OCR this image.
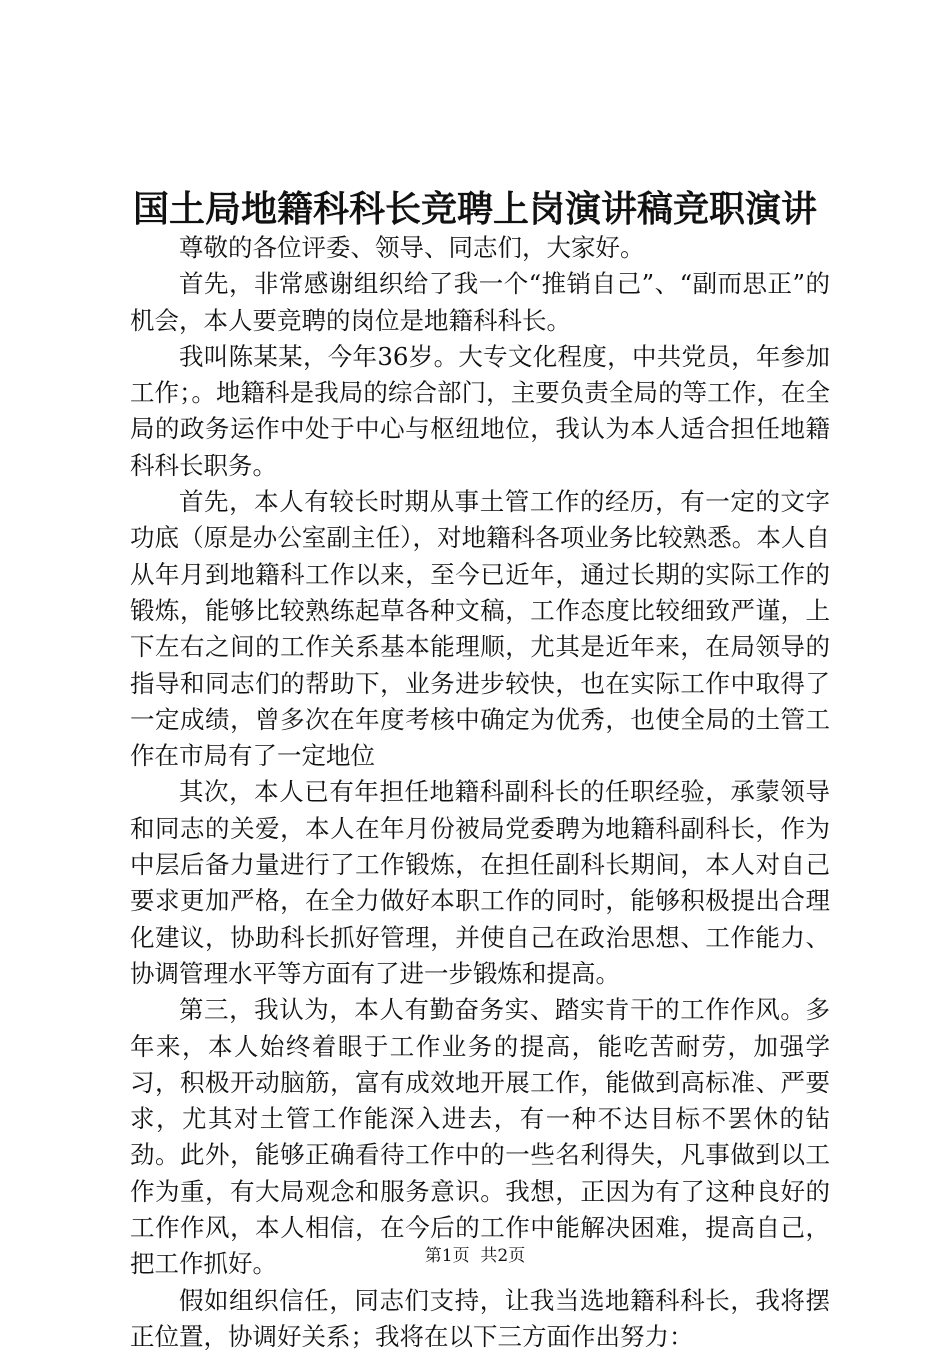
国土局地籍科科长竞聘上岗演讲稿竞职演讲

尊敬的各位评委、领导、同志们，大家好。

首先，非常感谢组织给了我一个“推销自己”、“副而思正”的机会，本人要竞聘的岗位是地籍科科长。

我叫陈某某，今年36岁。大专文化程度，中共党员，年参加工作；。地籍科是我局的综合部门，主要负责全局的等工作，在全局的政务运作中处于中心与枢纽地位，我认为本人适合担任地籍科科长职务。

首先，本人有较长时期从事土管工作的经历，有一定的文字功底（原是办公室副主任），对地籍科各项业务比较熟悉。本人自从年月到地籍科工作以来，至今已近年，通过长期的实际工作的锻炼，能够比较熟练起草各种文稿，工作态度比较细致严谨，上下左右之间的工作关系基本能理顺，尤其是近年来，在局领导的指导和同志们的帮助下，业务进步较快，也在实际工作中取得了一定成绩，曾多次在年度考核中确定为优秀，也使全局的土管工作在市局有了一定地位

其次，本人已有年担任地籍科副科长的任职经验，承蒙领导和同志的关爱，本人在年月份被局党委聘为地籍科副科长，作为中层后备力量进行了工作锻炼，在担任副科长期间，本人对自己要求更加严格，在全力做好本职工作的同时，能够积极提出合理化建议，协助科长抓好管理，并使自己在政治思想、工作能力、协调管理水平等方面有了进一步锻炼和提高。

第三，我认为，本人有勤奋务实、踏实肯干的工作作风。多年来，本人始终着眼于工作业务的提高，能吃苦耐劳，加强学习，积极开动脑筋，富有成效地开展工作，能做到高标准、严要求，尤其对土管工作能深入进去，有一种不达目标不罢休的钻劲。此外，能够正确看待工作中的一些名利得失，凡事做到以工作为重，有大局观念和服务意识。我想，正因为有了这种良好的工作作风，本人相信，在今后的工作中能解决困难，提高自己，把工作抓好。

假如组织信任，同志们支持，让我当选地籍科科长，我将摆正位置，协调好关系；我将在以下三方面作出努力：

第1页  共2页
